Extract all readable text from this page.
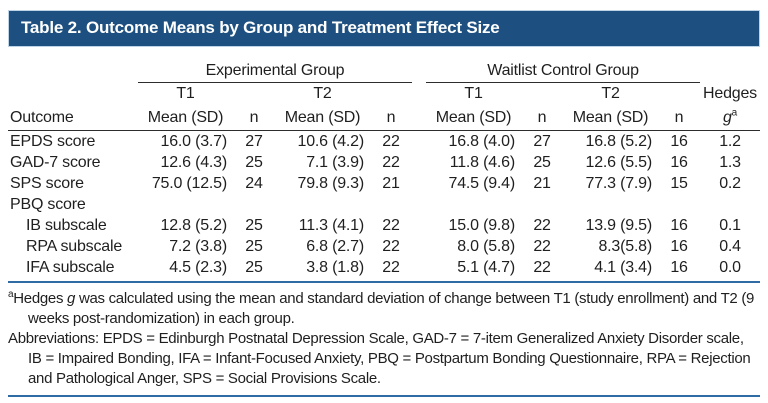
Table 2. Outcome Means by Group and Treatment Effect Size

	Experimental Group					Waitlist Control Group				

	T1		T2			T1		T2		Hedges
Outcome	Mean (SD)	n	Mean (SD)	n		Mean (SD)	n	Mean (SD)	n	$g^a$
EPDS score	16.0 (3.7)	27	10.6 (4.2)	22		16.8 (4.0)	27	16.8 (5.2)	16	1.2
GAD-7 score	12.6 (4.3)	25	7.1 (3.9)	22		11.8 (4.6)	25	12.6 (5.5)	16	1.3
SPS score	75.0 (12.5)	24	79.8 (9.3)	21		74.5 (9.4)	21	77.3 (7.9)	15	0.2
PBQ score										
IB subscale	12.8 (5.2)	25	11.3 (4.1)	22		15.0 (9.8)	22	13.9 (9.5)	16	0.1
RPA subscale	7.2 (3.8)	25	6.8 (2.7)	22		8.0 (5.8)	22	8.3(5.8)	16	0.4
IFA subscale	4.5 (2.3)	25	3.8 (1.8)	22		5.1 (4.7)	22	4.1 (3.4)	16	0.0

$^a$Hedges g was calculated using the mean and standard deviation of change between T1 (study enrollment) and T2 (9 weeks post-randomization) in each group.

Abbreviations: EPDS = Edinburgh Postnatal Depression Scale, GAD-7 = 7-item Generalized Anxiety Disorder scale, IB = Impaired Bonding, IFA = Infant-Focused Anxiety, PBQ = Postpartum Bonding Questionnaire, RPA = Rejection and Pathological Anger, SPS = Social Provisions Scale.
